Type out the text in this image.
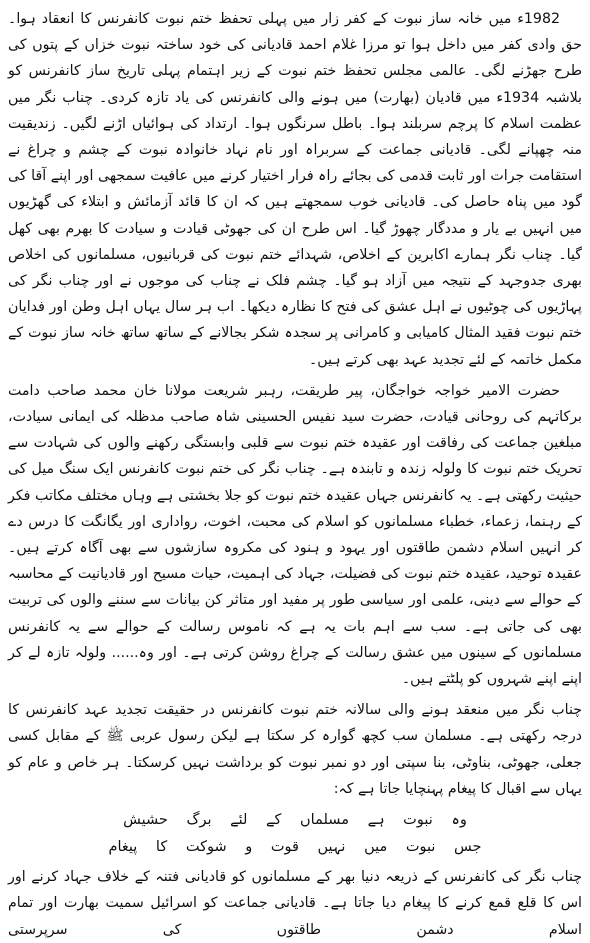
1982ء میں خانہ ساز نبوت کے کفر زار میں پہلی تحفظ ختم نبوت کانفرنس کا انعقاد ہوا۔ حق وادی کفر میں داخل ہوا تو مرزا غلام احمد قادیانی کی خود ساختہ نبوت خزاں کے پتوں کی طرح جھڑنے لگی۔ عالمی مجلس تحفظ ختم نبوت کے زیر اہتمام پہلی تاریخ ساز کانفرنس کو بلاشبہ 1934ء میں قادیان (بھارت) میں ہونے والی کانفرنس کی یاد تازہ کردی۔ چناب نگر میں عظمت اسلام کا پرچم سربلند ہوا۔ باطل سرنگوں ہوا۔ ارتداد کی ہوائیاں اڑنے لگیں۔ زندیقیت منہ چھپانے لگی۔ قادیانی جماعت کے سربراہ اور نام نہاد خانوادہ نبوت کے چشم و چراغ نے استقامت جرات اور ثابت قدمی کی بجائے راہ فرار اختیار کرنے میں عافیت سمجھی اور اپنے آقا کی گود میں پناہ حاصل کی۔ قادیانی خوب سمجھتے ہیں کہ ان کا قائد آزمائش و ابتلاء کی گھڑیوں میں انہیں بے یار و مددگار چھوڑ گیا۔ اس طرح ان کی جھوٹی قیادت و سیادت کا بھرم بھی کھل گیا۔ چناب نگر ہمارے اکابرین کے اخلاص، شہدائے ختم نبوت کی قربانیوں، مسلمانوں کی اخلاص بھری جدوجہد کے نتیجہ میں آزاد ہو گیا۔ چشم فلک نے چناب کی موجوں نے اور چناب نگر کی پہاڑیوں کی چوٹیوں نے اہل عشق کی فتح کا نظارہ دیکھا۔ اب ہر سال یہاں اہل وطن اور فدایان ختم نبوت فقید المثال کامیابی و کامرانی پر سجدہ شکر بجالانے کے ساتھ ساتھ خانہ ساز نبوت کے مکمل خاتمہ کے لئے تجدید عہد بھی کرتے ہیں۔

حضرت الامیر خواجہ خواجگان، پیر طریقت، رہبر شریعت مولانا خان محمد صاحب دامت برکاتہم کی روحانی قیادت، حضرت سید نفیس الحسینی شاہ صاحب مدظلہ کی ایمانی سیادت، مبلغین جماعت کی رفاقت اور عقیدہ ختم نبوت سے قلبی وابستگی رکھنے والوں کی شہادت سے تحریک ختم نبوت کا ولولہ زندہ و تابندہ ہے۔ چناب نگر کی ختم نبوت کانفرنس ایک سنگ میل کی حیثیت رکھتی ہے۔ یہ کانفرنس جہاں عقیدہ ختم نبوت کو جلا بخشتی ہے وہاں مختلف مکاتب فکر کے رہنما، زعماء، خطباء مسلمانوں کو اسلام کی محبت، اخوت، رواداری اور یگانگت کا درس دے کر انہیں اسلام دشمن طاقتوں اور یہود و ہنود کی مکروہ سازشوں سے بھی آگاہ کرتے ہیں۔ عقیدہ توحید، عقیدہ ختم نبوت کی فضیلت، جہاد کی اہمیت، حیات مسیح اور قادیانیت کے محاسبہ کے حوالے سے دینی، علمی اور سیاسی طور پر مفید اور متاثر کن بیانات سے سننے والوں کی تربیت بھی کی جاتی ہے۔ سب سے اہم بات یہ ہے کہ ناموس رسالت کے حوالے سے یہ کانفرنس مسلمانوں کے سینوں میں عشق رسالت کے چراغ روشن کرتی ہے۔ اور وہ...... ولولہ تازہ لے کر اپنے اپنے شہروں کو پلٹتے ہیں۔

چناب نگر میں منعقد ہونے والی سالانہ ختم نبوت کانفرنس در حقیقت تجدید عہد کانفرنس کا درجہ رکھتی ہے۔ مسلمان سب کچھ گوارہ کر سکتا ہے لیکن رسول عربی ﷺ کے مقابل کسی جعلی، جھوٹی، بناوٹی، بنا سپتی اور دو نمبر نبوت کو برداشت نہیں کرسکتا۔ ہر خاص و عام کو یہاں سے اقبال کا پیغام پہنچایا جاتا ہے کہ:

وہ نبوت ہے مسلماں کے لئے برگ حشیش
جس نبوت میں نہیں قوت و شوکت کا پیغام

چناب نگر کی کانفرنس کے ذریعہ دنیا بھر کے مسلمانوں کو قادیانی فتنہ کے خلاف جہاد کرنے اور اس کا قلع قمع کرنے کا پیغام دیا جاتا ہے۔ قادیانی جماعت کو اسرائیل سمیت بھارت اور تمام اسلام دشمن طاقتوں کی سرپرستی
